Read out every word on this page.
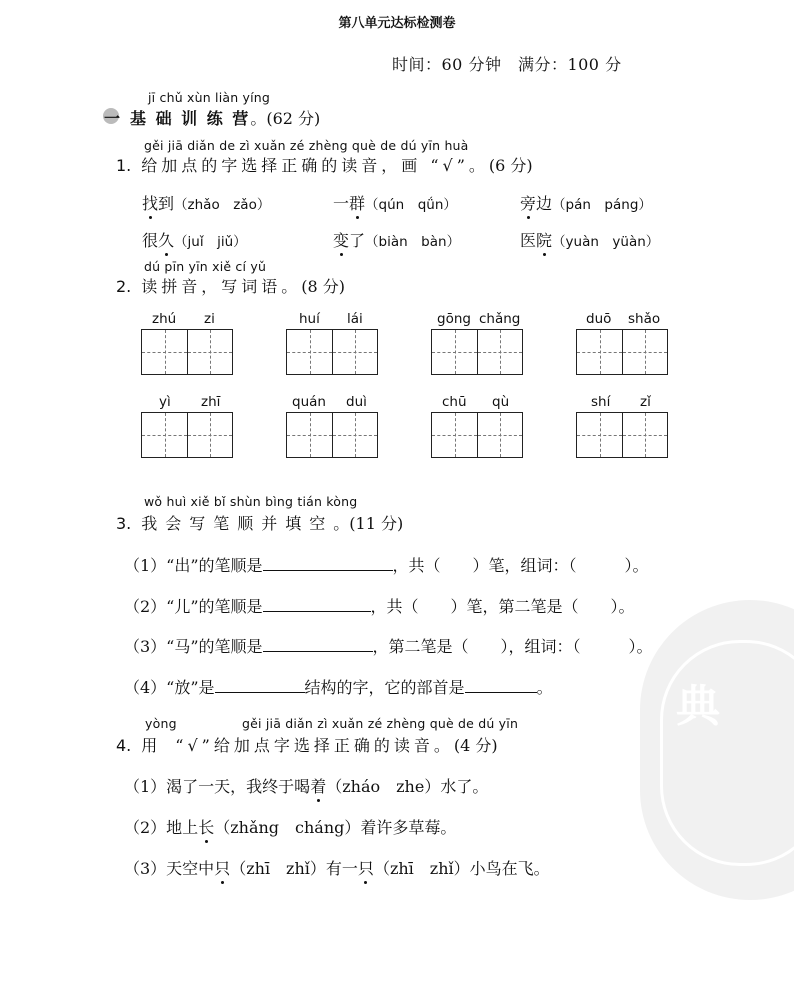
典
第八单元达标检测卷
时间：60 分钟　满分：100 分
jī chǔ xùn liàn yíng
一 基 础 训 练 营。(62 分)
gěi jiā diǎn de zì xuǎn zé zhèng què de dú yīn huà
1. 给加点的字选择正确的读音，画 “√”。(6 分)
找到（zhǎo　zǎo）	一群（qún　qǘn）	旁边（pán　páng）
很久（juǐ　jiǔ）	变了（biàn　bàn）	医院（yuàn　yüàn）
dú pīn yīn xiě cí yǔ
2. 读拼音，写词语。(8 分)
zhú zi	huí lái	gōng chǎng	duō shǎo
yì zhī	quán duì	chū qù	shí zǐ
wǒ huì xiě bǐ shùn bìng tián kòng
3. 我会写笔顺并填空。(11 分)
（1）“出”的笔顺是	，共（　　）笔，组词：（　　　）。
（2）“儿”的笔顺是	，共（　　）笔，第二笔是（　　）。
（3）“马”的笔顺是	，第二笔是（　　），组词：（　　　）。
（4）“放”是	结构的字，它的部首是	。
yòng	gěi jiā diǎn zì xuǎn zé zhèng què de dú yīn
4. 用 “√”给加点字选择正确的读音。(4 分)
（1）渴了一天，我终于喝着（zháo　zhe）水了。
（2）地上长（zhǎng　cháng）着许多草莓。
（3）天空中只（zhī　zhǐ）有一只（zhī　zhǐ）小鸟在飞。
